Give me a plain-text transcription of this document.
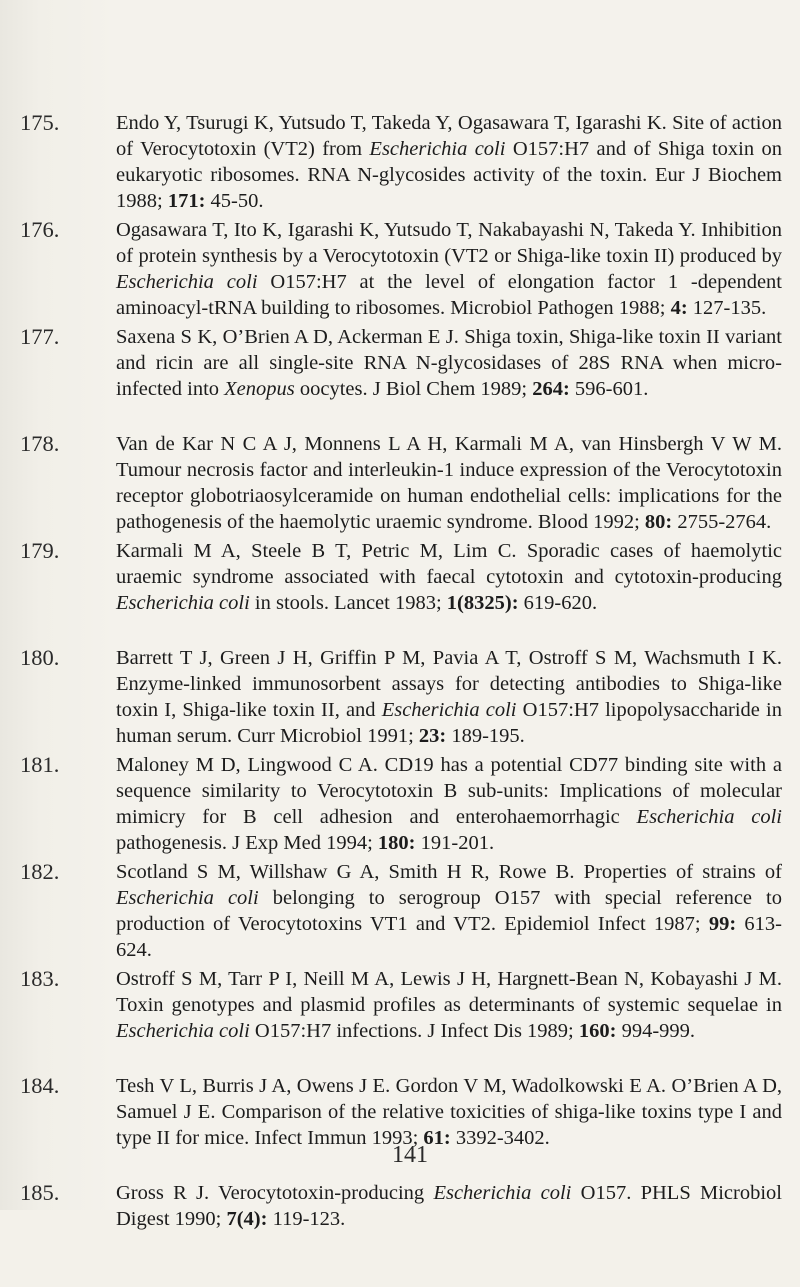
175.	Endo Y, Tsurugi K, Yutsudo T, Takeda Y, Ogasawara T, Igarashi K. Site of action of Verocytotoxin (VT2) from Escherichia coli O157:H7 and of Shiga toxin on eukaryotic ribosomes. RNA N-glycosides activity of the toxin. Eur J Biochem 1988; 171: 45-50.
176.	Ogasawara T, Ito K, Igarashi K, Yutsudo T, Nakabayashi N, Takeda Y. Inhibition of protein synthesis by a Verocytotoxin (VT2 or Shiga-like toxin II) produced by Escherichia coli O157:H7 at the level of elongation factor 1 -dependent aminoacyl-tRNA building to ribosomes. Microbiol Pathogen 1988; 4: 127-135.
177.	Saxena S K, O’Brien A D, Ackerman E J. Shiga toxin, Shiga-like toxin II variant and ricin are all single-site RNA N-glycosidases of 28S RNA when micro-infected into Xenopus oocytes. J Biol Chem 1989; 264: 596-601.
178.	Van de Kar N C A J, Monnens L A H, Karmali M A, van Hinsbergh V W M. Tumour necrosis factor and interleukin-1 induce expression of the Verocytotoxin receptor globotriaosylceramide on human endothelial cells: implications for the pathogenesis of the haemolytic uraemic syndrome. Blood 1992; 80: 2755-2764.
179.	Karmali M A, Steele B T, Petric M, Lim C. Sporadic cases of haemolytic uraemic syndrome associated with faecal cytotoxin and cytotoxin-producing Escherichia coli in stools. Lancet 1983; 1(8325): 619-620.
180.	Barrett T J, Green J H, Griffin P M, Pavia A T, Ostroff S M, Wachsmuth I K. Enzyme-linked immunosorbent assays for detecting antibodies to Shiga-like toxin I, Shiga-like toxin II, and Escherichia coli O157:H7 lipopolysaccharide in human serum. Curr Microbiol 1991; 23: 189-195.
181.	Maloney M D, Lingwood C A. CD19 has a potential CD77 binding site with a sequence similarity to Verocytotoxin B sub-units: Implications of molecular mimicry for B cell adhesion and enterohaemorrhagic Escherichia coli pathogenesis. J Exp Med 1994; 180: 191-201.
182.	Scotland S M, Willshaw G A, Smith H R, Rowe B. Properties of strains of Escherichia coli belonging to serogroup O157 with special reference to production of Verocytotoxins VT1 and VT2. Epidemiol Infect 1987; 99: 613-624.
183.	Ostroff S M, Tarr P I, Neill M A, Lewis J H, Hargnett-Bean N, Kobayashi J M. Toxin genotypes and plasmid profiles as determinants of systemic sequelae in Escherichia coli O157:H7 infections. J Infect Dis 1989; 160: 994-999.
184.	Tesh V L, Burris J A, Owens J E. Gordon V M, Wadolkowski E A. O’Brien A D, Samuel J E. Comparison of the relative toxicities of shiga-like toxins type I and type II for mice. Infect Immun 1993; 61: 3392-3402.
185.	Gross R J. Verocytotoxin-producing Escherichia coli O157. PHLS Microbiol Digest 1990; 7(4): 119-123.
141
